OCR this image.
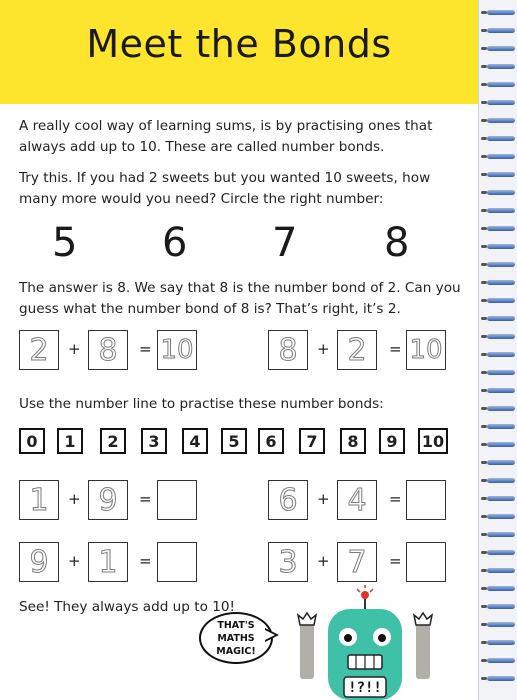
Meet the Bonds
A really cool way of learning sums, is by practising ones that always add up to 10. These are called number bonds.
Try this. If you had 2 sweets but you wanted 10 sweets, how many more would you need? Circle the right number:
5 6 7 8
The answer is 8. We say that 8 is the number bond of 2. Can you guess what the number bond of 8 is? That’s right, it’s 2.
2 + 8 = 10	8 + 2 = 10
Use the number line to practise these number bonds:
0	1	2	3	4	5	6	7	8	9	10
1 + 9 =	6 + 4 =
9 + 1 =	3 + 7 =
See! They always add up to 10!
THAT'S
MATHS
MAGIC!
!?!!
